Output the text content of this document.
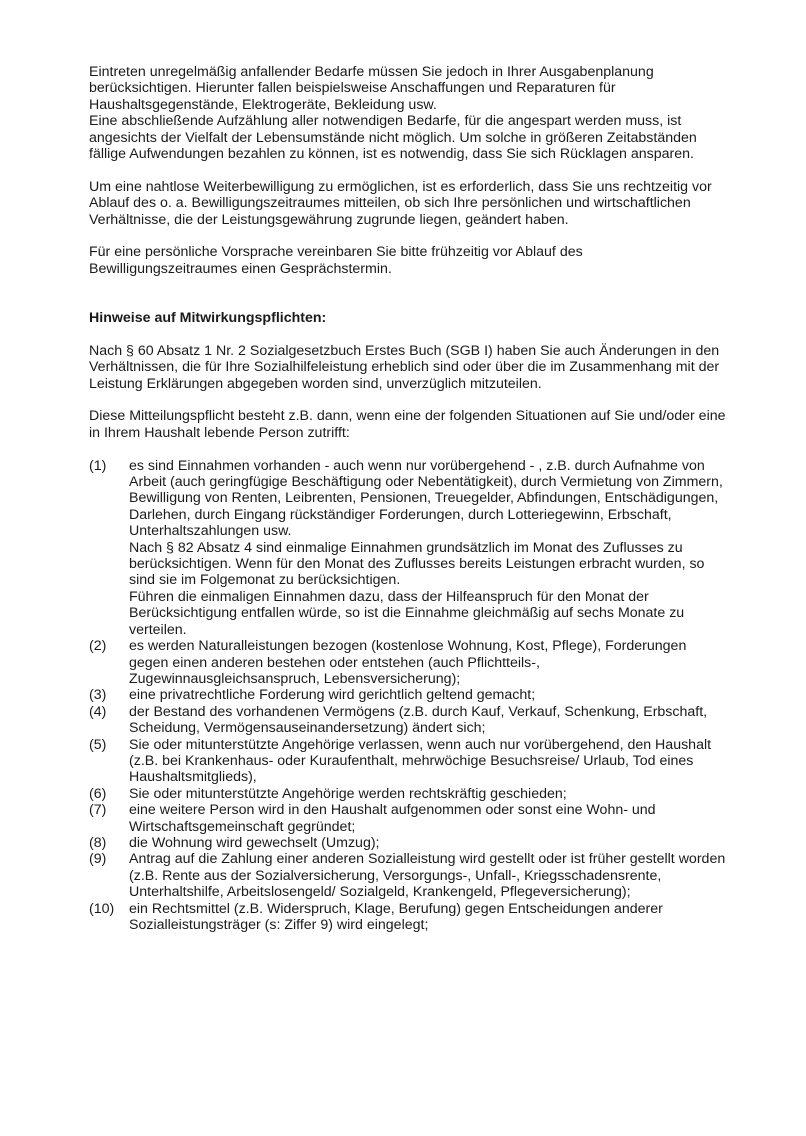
Eintreten unregelmäßig anfallender Bedarfe müssen Sie jedoch in Ihrer Ausgabenplanung berücksichtigen. Hierunter fallen beispielsweise Anschaffungen und Reparaturen für Haushaltsgegenstände, Elektrogeräte, Bekleidung usw.

Eine abschließende Aufzählung aller notwendigen Bedarfe, für die angespart werden muss, ist angesichts der Vielfalt der Lebensumstände nicht möglich. Um solche in größeren Zeitabständen fällige Aufwendungen bezahlen zu können, ist es notwendig, dass Sie sich Rücklagen ansparen.

Um eine nahtlose Weiterbewilligung zu ermöglichen, ist es erforderlich, dass Sie uns rechtzeitig vor Ablauf des o. a. Bewilligungszeitraumes mitteilen, ob sich Ihre persönlichen und wirtschaftlichen Verhältnisse, die der Leistungsgewährung zugrunde liegen, geändert haben.

Für eine persönliche Vorsprache vereinbaren Sie bitte frühzeitig vor Ablauf des Bewilligungszeitraumes einen Gesprächstermin.

Hinweise auf Mitwirkungspflichten:

Nach § 60 Absatz 1 Nr. 2 Sozialgesetzbuch Erstes Buch (SGB I) haben Sie auch Änderungen in den Verhältnissen, die für Ihre Sozialhilfeleistung erheblich sind oder über die im Zusammenhang mit der Leistung Erklärungen abgegeben worden sind, unverzüglich mitzuteilen.

Diese Mitteilungspflicht besteht z.B. dann, wenn eine der folgenden Situationen auf Sie und/oder eine in Ihrem Haushalt lebende Person zutrifft:

(1)	es sind Einnahmen vorhanden - auch wenn nur vorübergehend - , z.B. durch Aufnahme von Arbeit (auch geringfügige Beschäftigung oder Nebentätigkeit), durch Vermietung von Zimmern, Bewilligung von Renten, Leibrenten, Pensionen, Treuegelder, Abfindungen, Entschädigungen, Darlehen, durch Eingang rückständiger Forderungen, durch Lotteriegewinn, Erbschaft, Unterhaltszahlungen usw.

Nach § 82 Absatz 4 sind einmalige Einnahmen grundsätzlich im Monat des Zuflusses zu berücksichtigen. Wenn für den Monat des Zuflusses bereits Leistungen erbracht wurden, so sind sie im Folgemonat zu berücksichtigen.

Führen die einmaligen Einnahmen dazu, dass der Hilfeanspruch für den Monat der Berücksichtigung entfallen würde, so ist die Einnahme gleichmäßig auf sechs Monate zu verteilen.

(2)	es werden Naturalleistungen bezogen (kostenlose Wohnung, Kost, Pflege), Forderungen gegen einen anderen bestehen oder entstehen (auch Pflichtteils-, Zugewinnausgleichsanspruch, Lebensversicherung);

(3)	eine privatrechtliche Forderung wird gerichtlich geltend gemacht;

(4)	der Bestand des vorhandenen Vermögens (z.B. durch Kauf, Verkauf, Schenkung, Erbschaft, Scheidung, Vermögensauseinandersetzung) ändert sich;

(5)	Sie oder mitunterstützte Angehörige verlassen, wenn auch nur vorübergehend, den Haushalt (z.B. bei Krankenhaus- oder Kuraufenthalt, mehrwöchige Besuchsreise/ Urlaub, Tod eines Haushaltsmitglieds),

(6)	Sie oder mitunterstützte Angehörige werden rechtskräftig geschieden;

(7)	eine weitere Person wird in den Haushalt aufgenommen oder sonst eine Wohn- und Wirtschaftsgemeinschaft gegründet;

(8)	die Wohnung wird gewechselt (Umzug);

(9)	Antrag auf die Zahlung einer anderen Sozialleistung wird gestellt oder ist früher gestellt worden (z.B. Rente aus der Sozialversicherung, Versorgungs-, Unfall-, Kriegsschadensrente, Unterhaltshilfe, Arbeitslosengeld/ Sozialgeld, Krankengeld, Pflegeversicherung);

(10)	ein Rechtsmittel (z.B. Widerspruch, Klage, Berufung) gegen Entscheidungen anderer Sozialleistungsträger (s: Ziffer 9) wird eingelegt;
